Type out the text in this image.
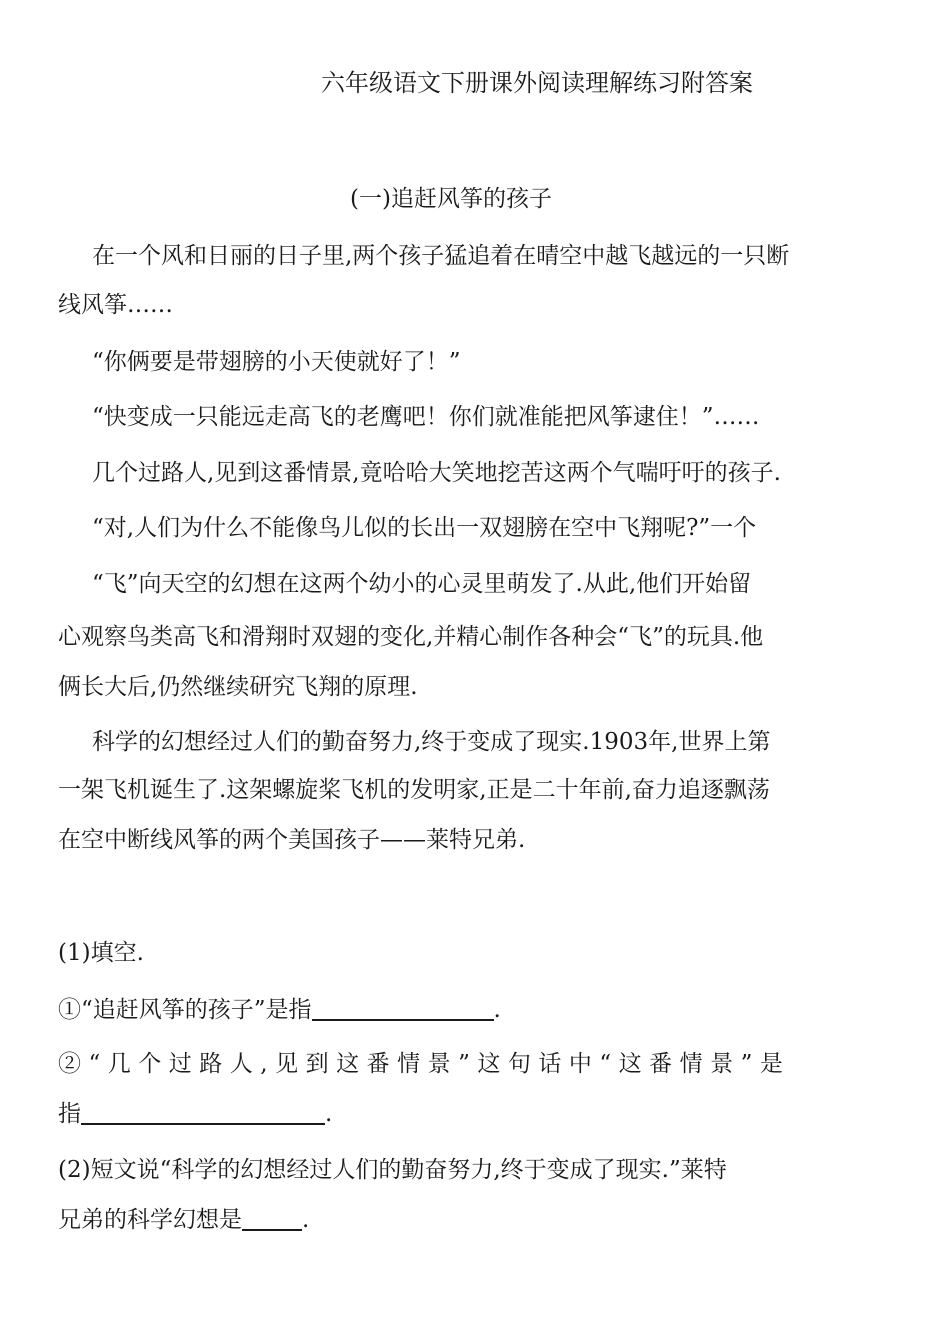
六年级语文下册课外阅读理解练习附答案
(一)追赶风筝的孩子
在一个风和日丽的日子里,两个孩子猛追着在晴空中越飞越远的一只断
线风筝……
“你俩要是带翅膀的小天使就好了！”
“快变成一只能远走高飞的老鹰吧！你们就准能把风筝逮住！”……
几个过路人,见到这番情景,竟哈哈大笑地挖苦这两个气喘吁吁的孩子.
“对,人们为什么不能像鸟儿似的长出一双翅膀在空中飞翔呢?”一个
“飞”向天空的幻想在这两个幼小的心灵里萌发了.从此,他们开始留
心观察鸟类高飞和滑翔时双翅的变化,并精心制作各种会“飞”的玩具.他
俩长大后,仍然继续研究飞翔的原理.
科学的幻想经过人们的勤奋努力,终于变成了现实.1903年,世界上第
一架飞机诞生了.这架螺旋桨飞机的发明家,正是二十年前,奋力追逐飘荡
在空中断线风筝的两个美国孩子——莱特兄弟.
(1)填空.
①“追赶风筝的孩子”是指	.
②“几个过路人,见到这番情景”这句话中“这番情景”是
指	.
(2)短文说“科学的幻想经过人们的勤奋努力,终于变成了现实.”莱特
兄弟的科学幻想是	.
